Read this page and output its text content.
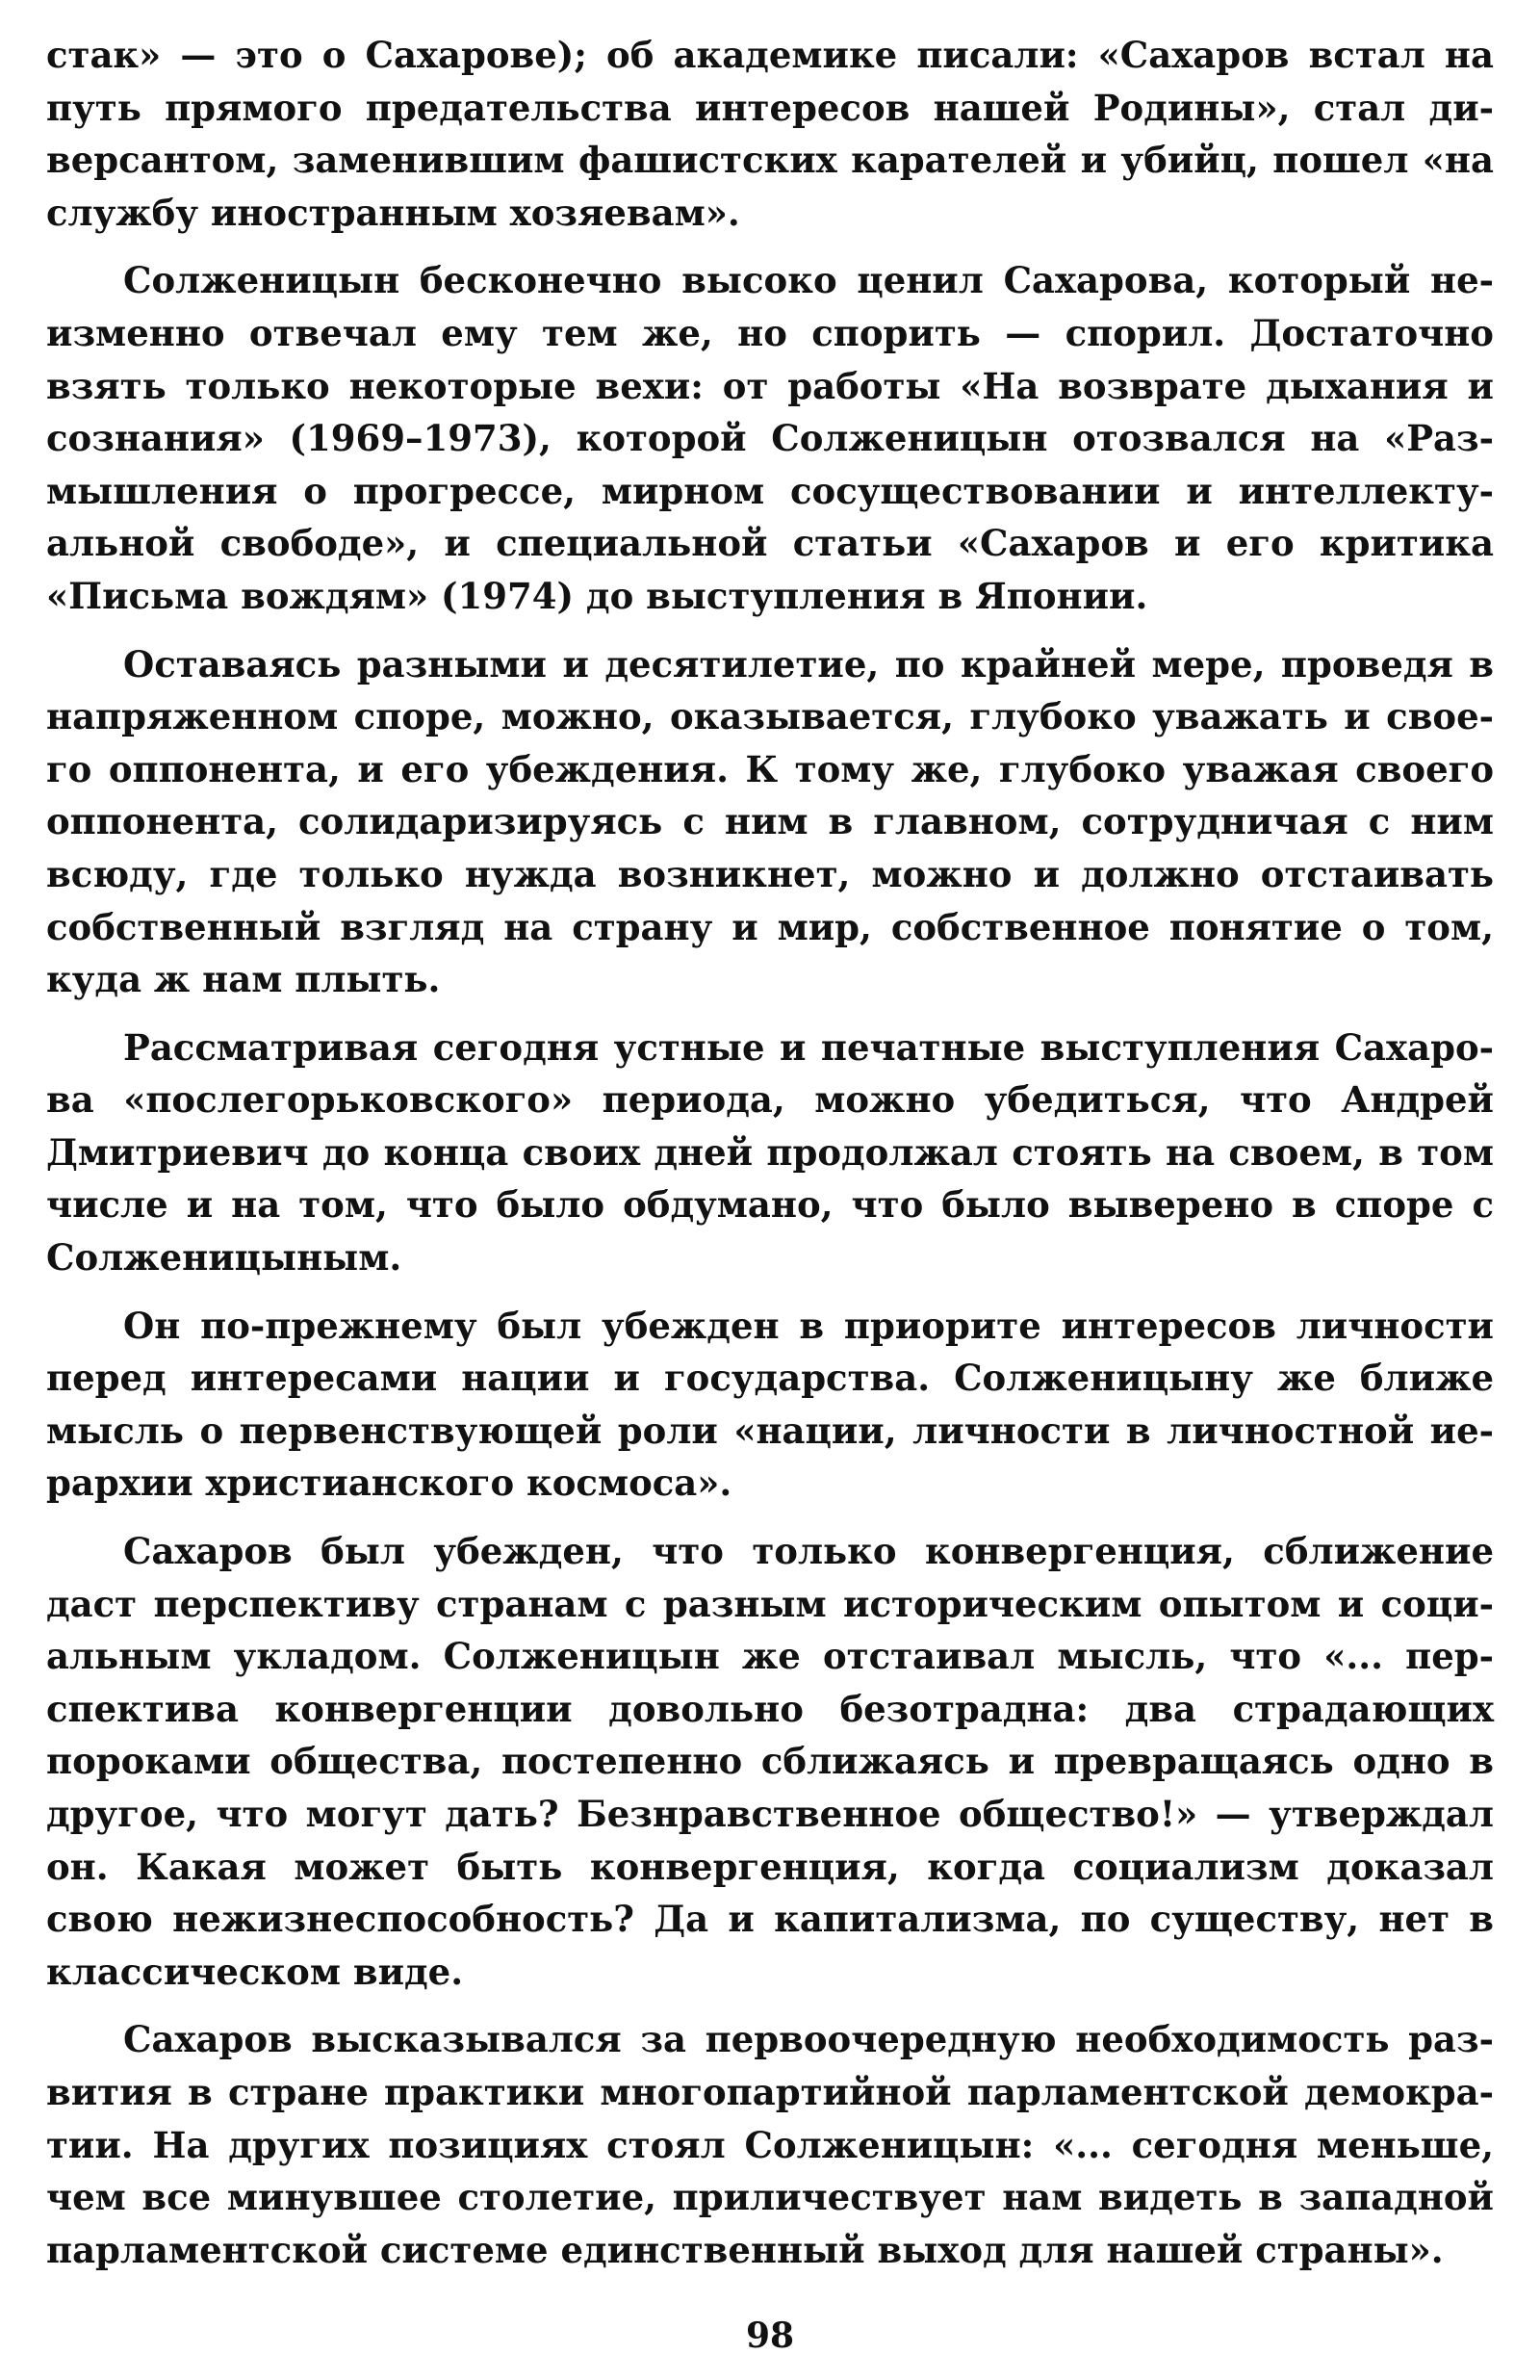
стак» — это о Сахарове); об академике писали: «Сахаров встал на путь прямого предательства интересов нашей Родины», стал диверсантом, заменившим фашистских карателей и убийц, пошел «на службу иностранным хозяевам».

Солженицын бесконечно высоко ценил Сахарова, который неизменно отвечал ему тем же, но спорить — спорил. Достаточно взять только некоторые вехи: от работы «На возврате дыхания и сознания» (1969–1973), которой Солженицын отозвался на «Размышления о прогрессе, мирном сосуществовании и интеллектуальной свободе», и специальной статьи «Сахаров и его критика «Письма вождям» (1974) до выступления в Японии.

Оставаясь разными и десятилетие, по крайней мере, проведя в напряженном споре, можно, оказывается, глубоко уважать и своего оппонента, и его убеждения. К тому же, глубоко уважая своего оппонента, солидаризируясь с ним в главном, сотрудничая с ним всюду, где только нужда возникнет, можно и должно отстаивать собственный взгляд на страну и мир, собственное понятие о том, куда ж нам плыть.

Рассматривая сегодня устные и печатные выступления Сахарова «послегорьковского» периода, можно убедиться, что Андрей Дмитриевич до конца своих дней продолжал стоять на своем, в том числе и на том, что было обдумано, что было выверено в споре с Солженицыным.

Он по-прежнему был убежден в приорите интересов личности перед интересами нации и государства. Солженицыну же ближе мысль о первенствующей роли «нации, личности в личностной иерархии христианского космоса».

Сахаров был убежден, что только конвергенция, сближение даст перспективу странам с разным историческим опытом и социальным укладом. Солженицын же отстаивал мысль, что «... перспектива конвергенции довольно безотрадна: два страдающих пороками общества, постепенно сближаясь и превращаясь одно в другое, что могут дать? Безнравственное общество!» — утверждал он. Какая может быть конвергенция, когда социализм доказал свою нежизнеспособность? Да и капитализма, по существу, нет в классическом виде.

Сахаров высказывался за первоочередную необходимость развития в стране практики многопартийной парламентской демократии. На других позициях стоял Солженицын: «... сегодня меньше, чем все минувшее столетие, приличествует нам видеть в западной парламентской системе единственный выход для нашей страны».

98
